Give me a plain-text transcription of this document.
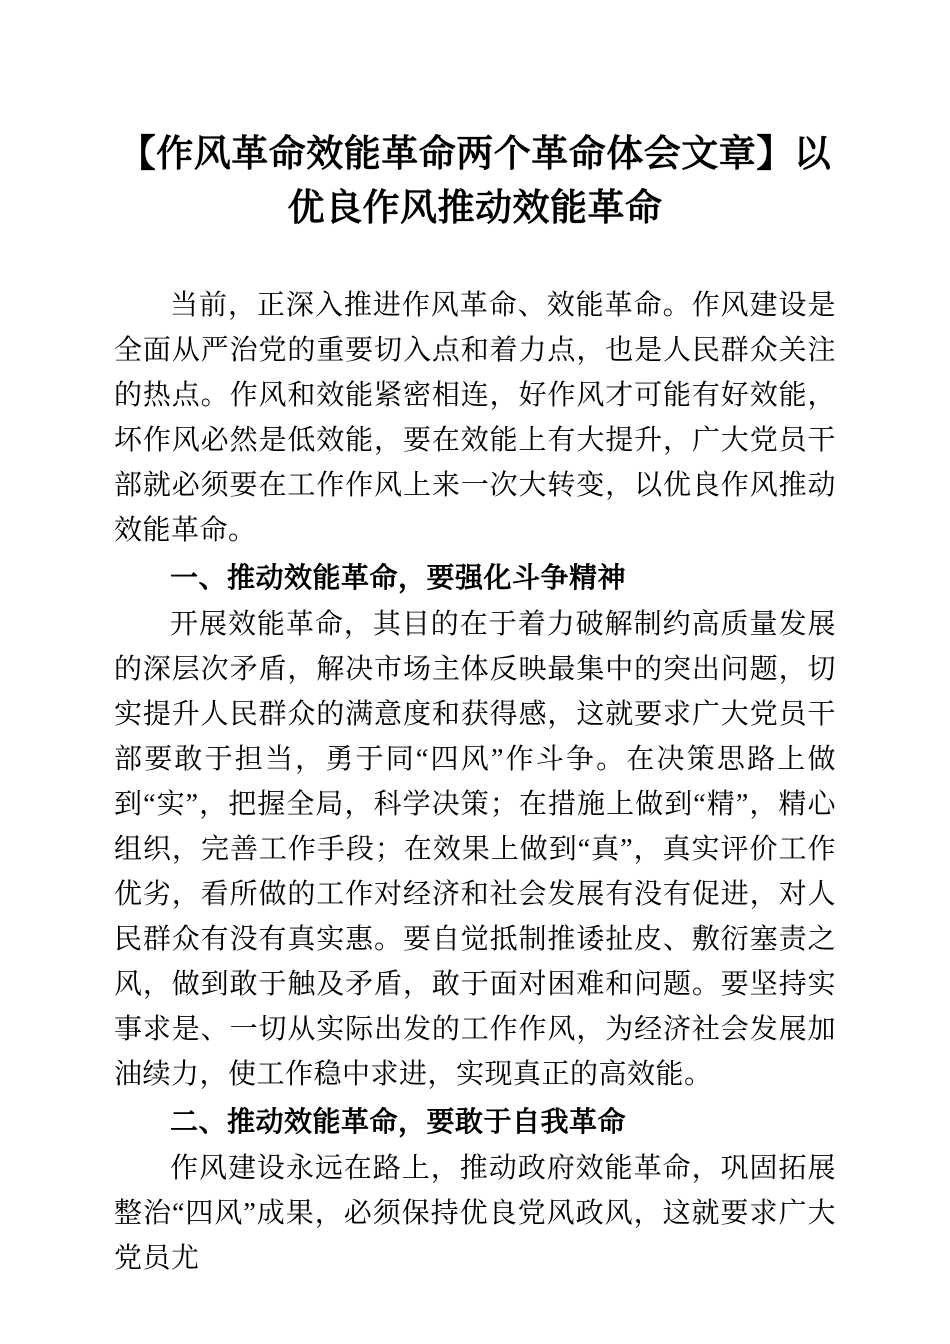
【作风革命效能革命两个革命体会文章】以优良作风推动效能革命

当前，正深入推进作风革命、效能革命。作风建设是全面从严治党的重要切入点和着力点，也是人民群众关注的热点。作风和效能紧密相连，好作风才可能有好效能，坏作风必然是低效能，要在效能上有大提升，广大党员干部就必须要在工作作风上来一次大转变，以优良作风推动效能革命。

一、推动效能革命，要强化斗争精神

开展效能革命，其目的在于着力破解制约高质量发展的深层次矛盾，解决市场主体反映最集中的突出问题，切实提升人民群众的满意度和获得感，这就要求广大党员干部要敢于担当，勇于同“四风”作斗争。在决策思路上做到“实”，把握全局，科学决策；在措施上做到“精”，精心组织，完善工作手段；在效果上做到“真”，真实评价工作优劣，看所做的工作对经济和社会发展有没有促进，对人民群众有没有真实惠。要自觉抵制推诿扯皮、敷衍塞责之风，做到敢于触及矛盾，敢于面对困难和问题。要坚持实事求是、一切从实际出发的工作作风，为经济社会发展加油续力，使工作稳中求进，实现真正的高效能。

二、推动效能革命，要敢于自我革命

作风建设永远在路上，推动政府效能革命，巩固拓展整治“四风”成果，必须保持优良党风政风，这就要求广大党员尤
